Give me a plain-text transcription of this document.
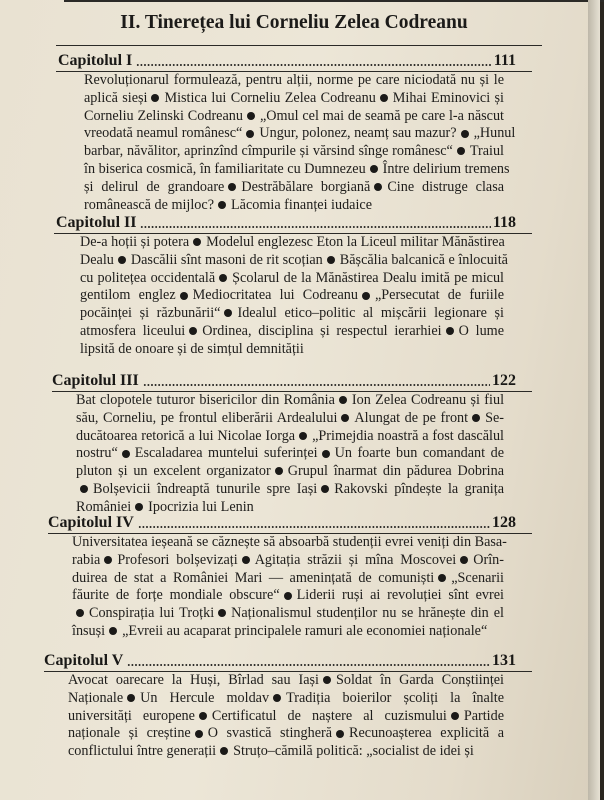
II. Tinerețea lui Corneliu Zelea Codreanu
Capitolul I	111
Revoluționarul formulează, pentru alții, norme pe care niciodată nu și le
aplică sieși Mistica lui Corneliu Zelea Codreanu Mihai Eminovici și
Corneliu Zelinski Codreanu „Omul cel mai de seamă pe care l-a născut
vreodată neamul românesc“ Ungur, polonez, neamț sau mazur? „Hunul
barbar, năvălitor, aprinzînd cîmpurile și vărsind sînge românesc“ Traiul
în biserica cosmică, în familiaritate cu Dumnezeu Între delirium tremens
și delirul de grandoare Destrăbălare borgiană Cine distruge clasa
românească de mijloc? Lăcomia finanței iudaice
Capitolul II	118
De-a hoții și potera Modelul englezesc Eton la Liceul militar Mănăstirea
Dealu Dascălii sînt masoni de rit scoțian Bășcălia balcanică e înlocuită
cu politețea occidentală Școlarul de la Mănăstirea Dealu imită pe micul
gentilom englez Mediocritatea lui Codreanu „Persecutat de furiile
pocăinței și răzbunării“ Idealul etico–politic al mișcării legionare și
atmosfera liceului Ordinea, disciplina și respectul ierarhiei O lume
lipsită de onoare și de simțul demnității
Capitolul III	122
Bat clopotele tuturor bisericilor din România Ion Zelea Codreanu și fiul
său, Corneliu, pe frontul eliberării Ardealului Alungat de pe front Se-
ducătoarea retorică a lui Nicolae Iorga „Primejdia noastră a fost dascălul
nostru“ Escaladarea muntelui suferinței Un foarte bun comandant de
pluton și un excelent organizator Grupul înarmat din pădurea Dobrina
Bolșevicii îndreaptă tunurile spre Iași Rakovski pîndește la granița
României Ipocrizia lui Lenin
Capitolul IV	128
Universitatea ieșeană se căznește să absoarbă studenții evrei veniți din Basa-
rabia Profesori bolșevizați Agitația străzii și mîna Moscovei Orîn-
duirea de stat a României Mari — amenințată de comuniști „Scenarii
făurite de forțe mondiale obscure“ Liderii ruși ai revoluției sînt evrei
Conspirația lui Troțki Naționalismul studenților nu se hrănește din el
însuși „Evreii au acaparat principalele ramuri ale economiei naționale“
Capitolul V	131
Avocat oarecare la Huși, Bîrlad sau Iași Soldat în Garda Conștiinței
Naționale Un Hercule moldav Tradiția boierilor școliți la înalte
universități europene Certificatul de naștere al cuzismului Partide
naționale și creștine O svastică stingheră Recunoașterea explicită a
conflictului între generații Struțo–cămilă politică: „socialist de idei și
